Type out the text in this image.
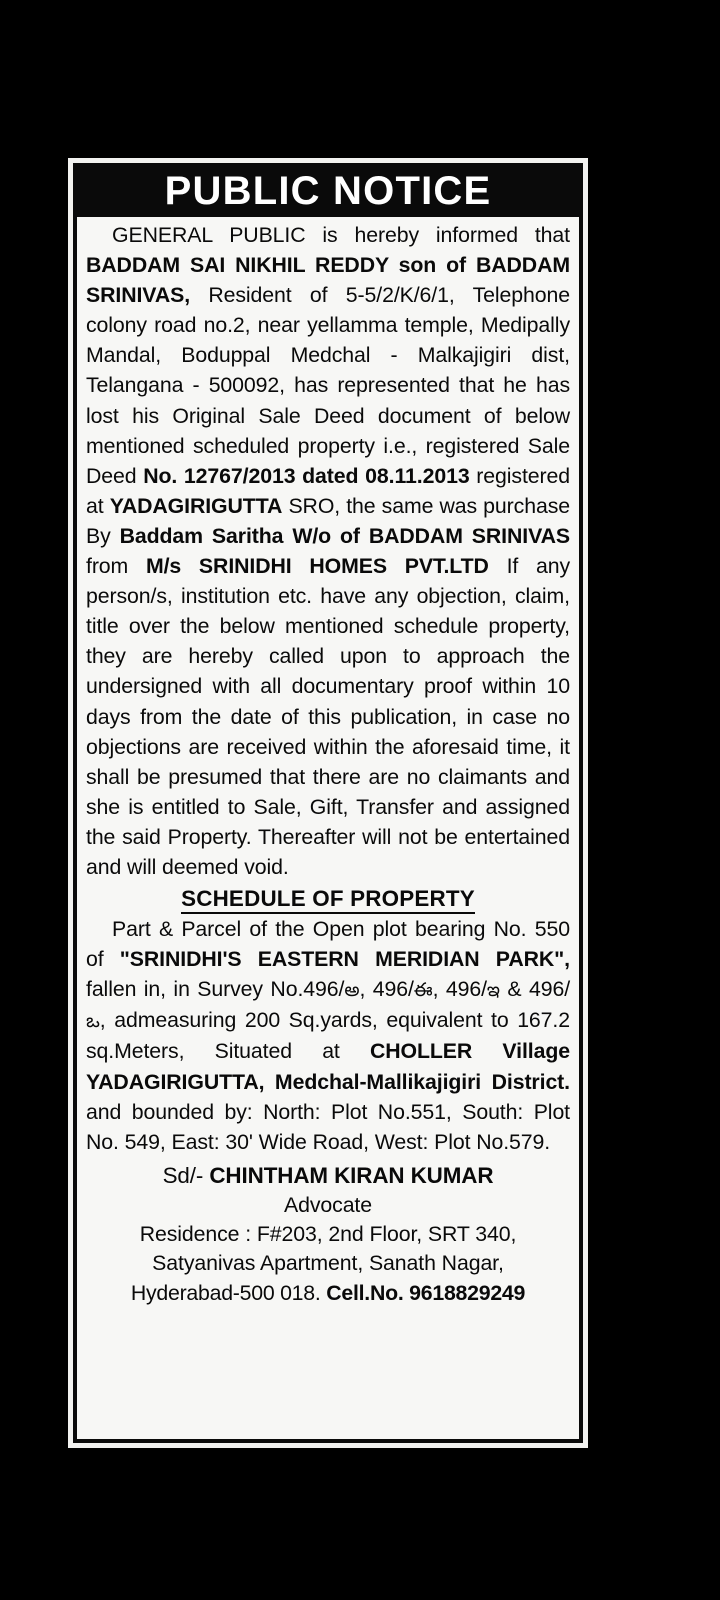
PUBLIC NOTICE

GENERAL PUBLIC is hereby informed that BADDAM SAI NIKHIL REDDY son of BADDAM SRINIVAS, Resident of 5-5/2/K/6/1, Telephone colony road no.2, near yellamma temple, Medipally Mandal, Boduppal Medchal - Malkajigiri dist, Telangana - 500092, has represented that he has lost his Original Sale Deed document of below mentioned scheduled property i.e., registered Sale Deed No. 12767/2013 dated 08.11.2013 registered at YADAGIRIGUTTA SRO, the same was purchase By Baddam Saritha W/o of BADDAM SRINIVAS from M/s SRINIDHI HOMES PVT.LTD If any person/s, institution etc. have any objection, claim, title over the below mentioned schedule property, they are hereby called upon to approach the undersigned with all documentary proof within 10 days from the date of this publication, in case no objections are received within the aforesaid time, it shall be presumed that there are no claimants and she is entitled to Sale, Gift, Transfer and assigned the said Property. Thereafter will not be entertained and will deemed void.

SCHEDULE OF PROPERTY

Part & Parcel of the Open plot bearing No. 550 of "SRINIDHI'S EASTERN MERIDIAN PARK", fallen in, in Survey No.496/అ, 496/ఈ, 496/ఇ & 496/ఒ, admeasuring 200 Sq.yards, equivalent to 167.2 sq.Meters, Situated at CHOLLER Village YADAGIRIGUTTA, Medchal-Mallikajigiri District. and bounded by: North: Plot No.551, South: Plot No. 549, East: 30' Wide Road, West: Plot No.579.

Sd/- CHINTHAM KIRAN KUMAR
Advocate
Residence : F#203, 2nd Floor, SRT 340,
Satyanivas Apartment, Sanath Nagar,
Hyderabad-500 018. Cell.No. 9618829249
